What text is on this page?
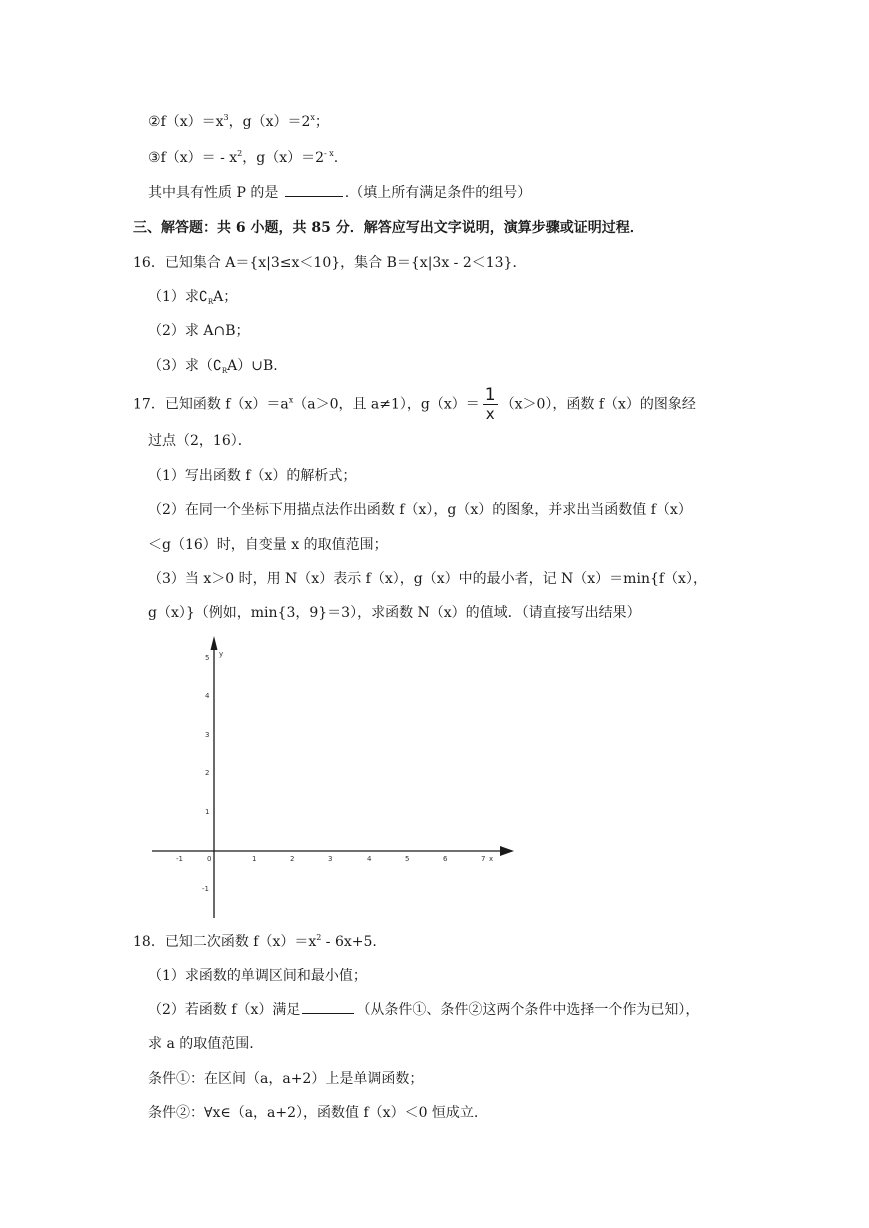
$②f(x)=x^3$，$g(x)=2^x$；
③f（x）＝ - $x^2$，$g(x)=2^{- x}$.
其中具有性质 P 的是	.（填上所有满足条件的组号）
三、解答题：共 6 小题，共 85 分．解答应写出文字说明，演算步骤或证明过程．
16．已知集合 A＝{x|3≤x＜10}，集合 B＝{x|3x - 2＜13}．
（1）求$∁_RA$；
（2）求 A∩B；
（3）求$(∁_RA)\cup B$.
17．已知函数 $f(x)=a^x(a>0$，且 a≠1），$g(x)= \frac{1}{x} (x>0)$，函数 f（x）的图象经
过点（2，16）．
（1）写出函数 f（x）的解析式；
（2）在同一个坐标下用描点法作出函数 f（x），g（x）的图象，并求出当函数值 f（x）
＜g（16）时，自变量 x 的取值范围；
（3）当 x＞0 时，用 N（x）表示 f（x），g（x）中的最小者，记 N（x）＝min{f（x），
g（x）}（例如，min{3，9}＝3），求函数 N（x）的值域．（请直接写出结果）
y
x
-1	0	1	2	3	4	5	6	7
5
4
3
2
1
-1
18．已知二次函数 $f(x)=x^2 - 6x+5$.
（1）求函数的单调区间和最小值；
（2）若函数 f（x）满足	（从条件①、条件②这两个条件中选择一个作为已知），
求 a 的取值范围.
条件①：在区间（a，a+2）上是单调函数；
条件②：∀x∈（a，a+2），函数值 f（x）＜0 恒成立.
